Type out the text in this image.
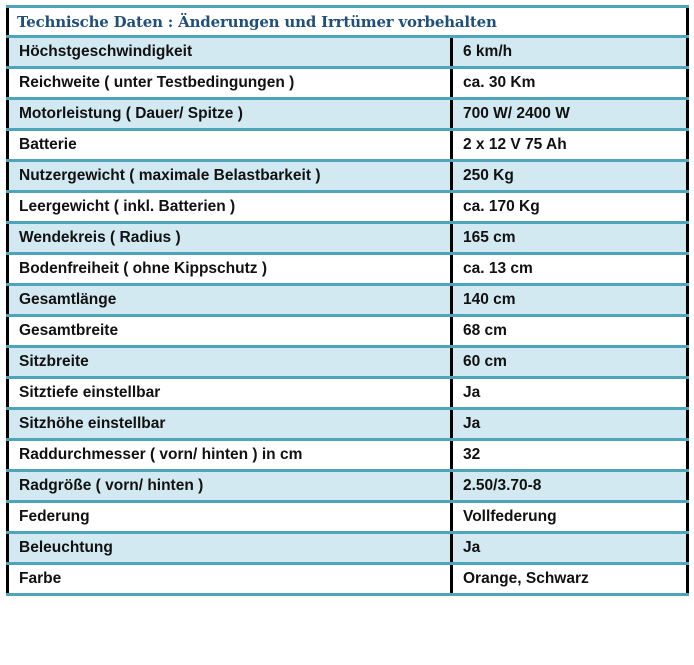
Technische Daten : Änderungen und Irrtümer vorbehalten	
Höchstgeschwindigkeit	6 km/h
Reichweite ( unter Testbedingungen )	ca. 30 Km
Motorleistung ( Dauer/ Spitze )	700 W/ 2400 W
Batterie	2 x 12 V 75 Ah
Nutzergewicht ( maximale Belastbarkeit )	250 Kg
Leergewicht ( inkl. Batterien )	ca. 170 Kg
Wendekreis ( Radius )	165 cm
Bodenfreiheit ( ohne Kippschutz )	ca. 13 cm
Gesamtlänge	140 cm
Gesamtbreite	68 cm
Sitzbreite	60 cm
Sitztiefe einstellbar	Ja
Sitzhöhe einstellbar	Ja
Raddurchmesser ( vorn/ hinten ) in cm	32
Radgröße ( vorn/ hinten )	2.50/3.70-8
Federung	Vollfederung
Beleuchtung	Ja
Farbe	Orange, Schwarz
